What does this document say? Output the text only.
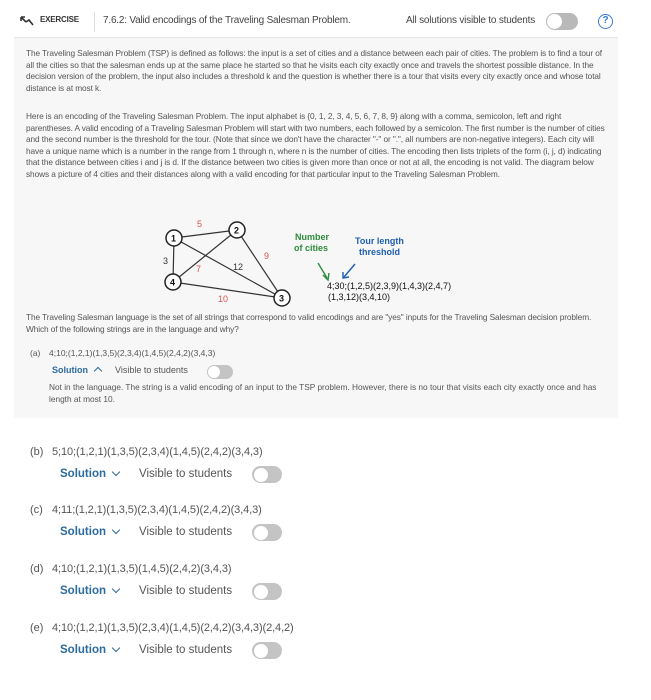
EXERCISE 7.6.2: Valid encodings of the Traveling Salesman Problem.	All solutions visible to students	?

The Traveling Salesman Problem (TSP) is defined as follows: the input is a set of cities and a distance between each pair of cities. The problem is to find a tour of all the cities so that the salesman ends up at the same place he started so that he visits each city exactly once and travels the shortest possible distance. In the decision version of the problem, the input also includes a threshold k and the question is whether there is a tour that visits every city exactly once and whose total distance is at most k.

Here is an encoding of the Traveling Salesman Problem. The input alphabet is {0, 1, 2, 3, 4, 5, 6, 7, 8, 9} along with a comma, semicolon, left and right parentheses. A valid encoding of a Traveling Salesman Problem will start with two numbers, each followed by a semicolon. The first number is the number of cities and the second number is the threshold for the tour. (Note that since we don't have the character "-" or ".", all numbers are non-negative integers). Each city will have a unique name which is a number in the range from 1 through n, where n is the number of cities. The encoding then lists triplets of the form (i, j, d) indicating that the distance between cities i and j is d. If the distance between two cities is given more than once or not at all, the encoding is not valid. The diagram below shows a picture of 4 cities and their distances along with a valid encoding for that particular input to the Traveling Salesman Problem.

5
3
12
7
9
10
1
2
3
4
Number
of cities
Tour length
threshold
4;30;(1,2,5)(2,3,9)(1,4,3)(2,4,7)
(1,3,12)(3,4,10)

The Traveling Salesman language is the set of all strings that correspond to valid encodings and are "yes" inputs for the Traveling Salesman decision problem. Which of the following strings are in the language and why?

(a) 4;10;(1,2,1)(1,3,5)(2,3,4)(1,4,5)(2,4,2)(3,4,3)
Solution	Visible to students

Not in the language. The string is a valid encoding of an input to the TSP problem. However, there is no tour that visits each city exactly once and has length at most 10.

(b) 5;10;(1,2,1)(1,3,5)(2,3,4)(1,4,5)(2,4,2)(3,4,3)
Solution	Visible to students
(c) 4;11;(1,2,1)(1,3,5)(2,3,4)(1,4,5)(2,4,2)(3,4,3)
Solution	Visible to students
(d) 4;10;(1,2,1)(1,3,5)(1,4,5)(2,4,2)(3,4,3)
Solution	Visible to students
(e) 4;10;(1,2,1)(1,3,5)(2,3,4)(1,4,5)(2,4,2)(3,4,3)(2,4,2)
Solution	Visible to students
